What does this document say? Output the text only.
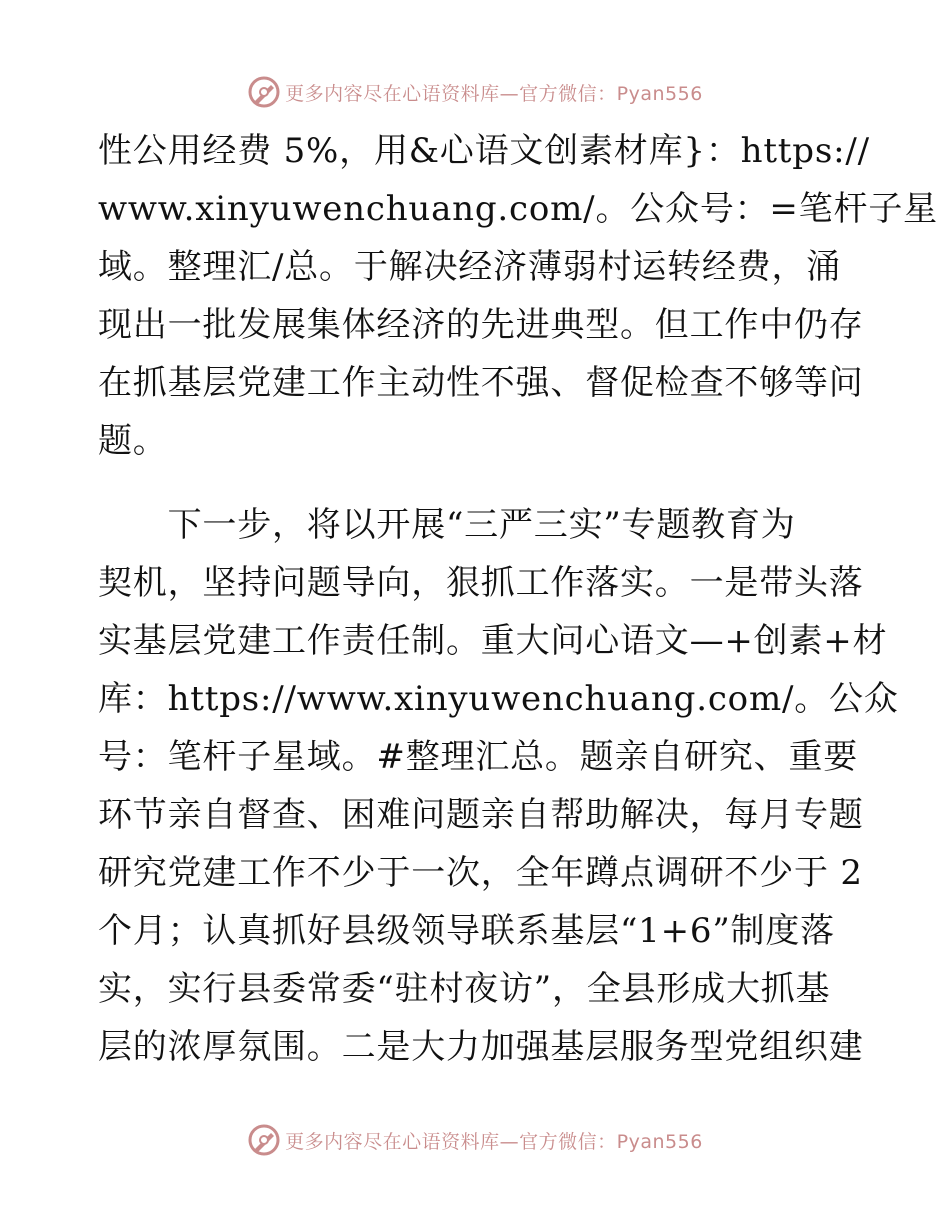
更多内容尽在心语资料库—官方微信：Pyan556
性公用经费 5%，用&心语文创素材库}：https://
www.xinyuwenchuang.com/。公众号：=笔杆子星
域。整理汇/总。于解决经济薄弱村运转经费，涌
现出一批发展集体经济的先进典型。但工作中仍存
在抓基层党建工作主动性不强、督促检查不够等问
题。
　　下一步，将以开展“三严三实”专题教育为
契机，坚持问题导向，狠抓工作落实。一是带头落
实基层党建工作责任制。重大问心语文—+创素+材
库：https://www.xinyuwenchuang.com/。公众
号：笔杆子星域。#整理汇总。题亲自研究、重要
环节亲自督查、困难问题亲自帮助解决，每月专题
研究党建工作不少于一次，全年蹲点调研不少于 2
个月；认真抓好县级领导联系基层“1+6”制度落
实，实行县委常委“驻村夜访”，全县形成大抓基
层的浓厚氛围。二是大力加强基层服务型党组织建
更多内容尽在心语资料库—官方微信：Pyan556
